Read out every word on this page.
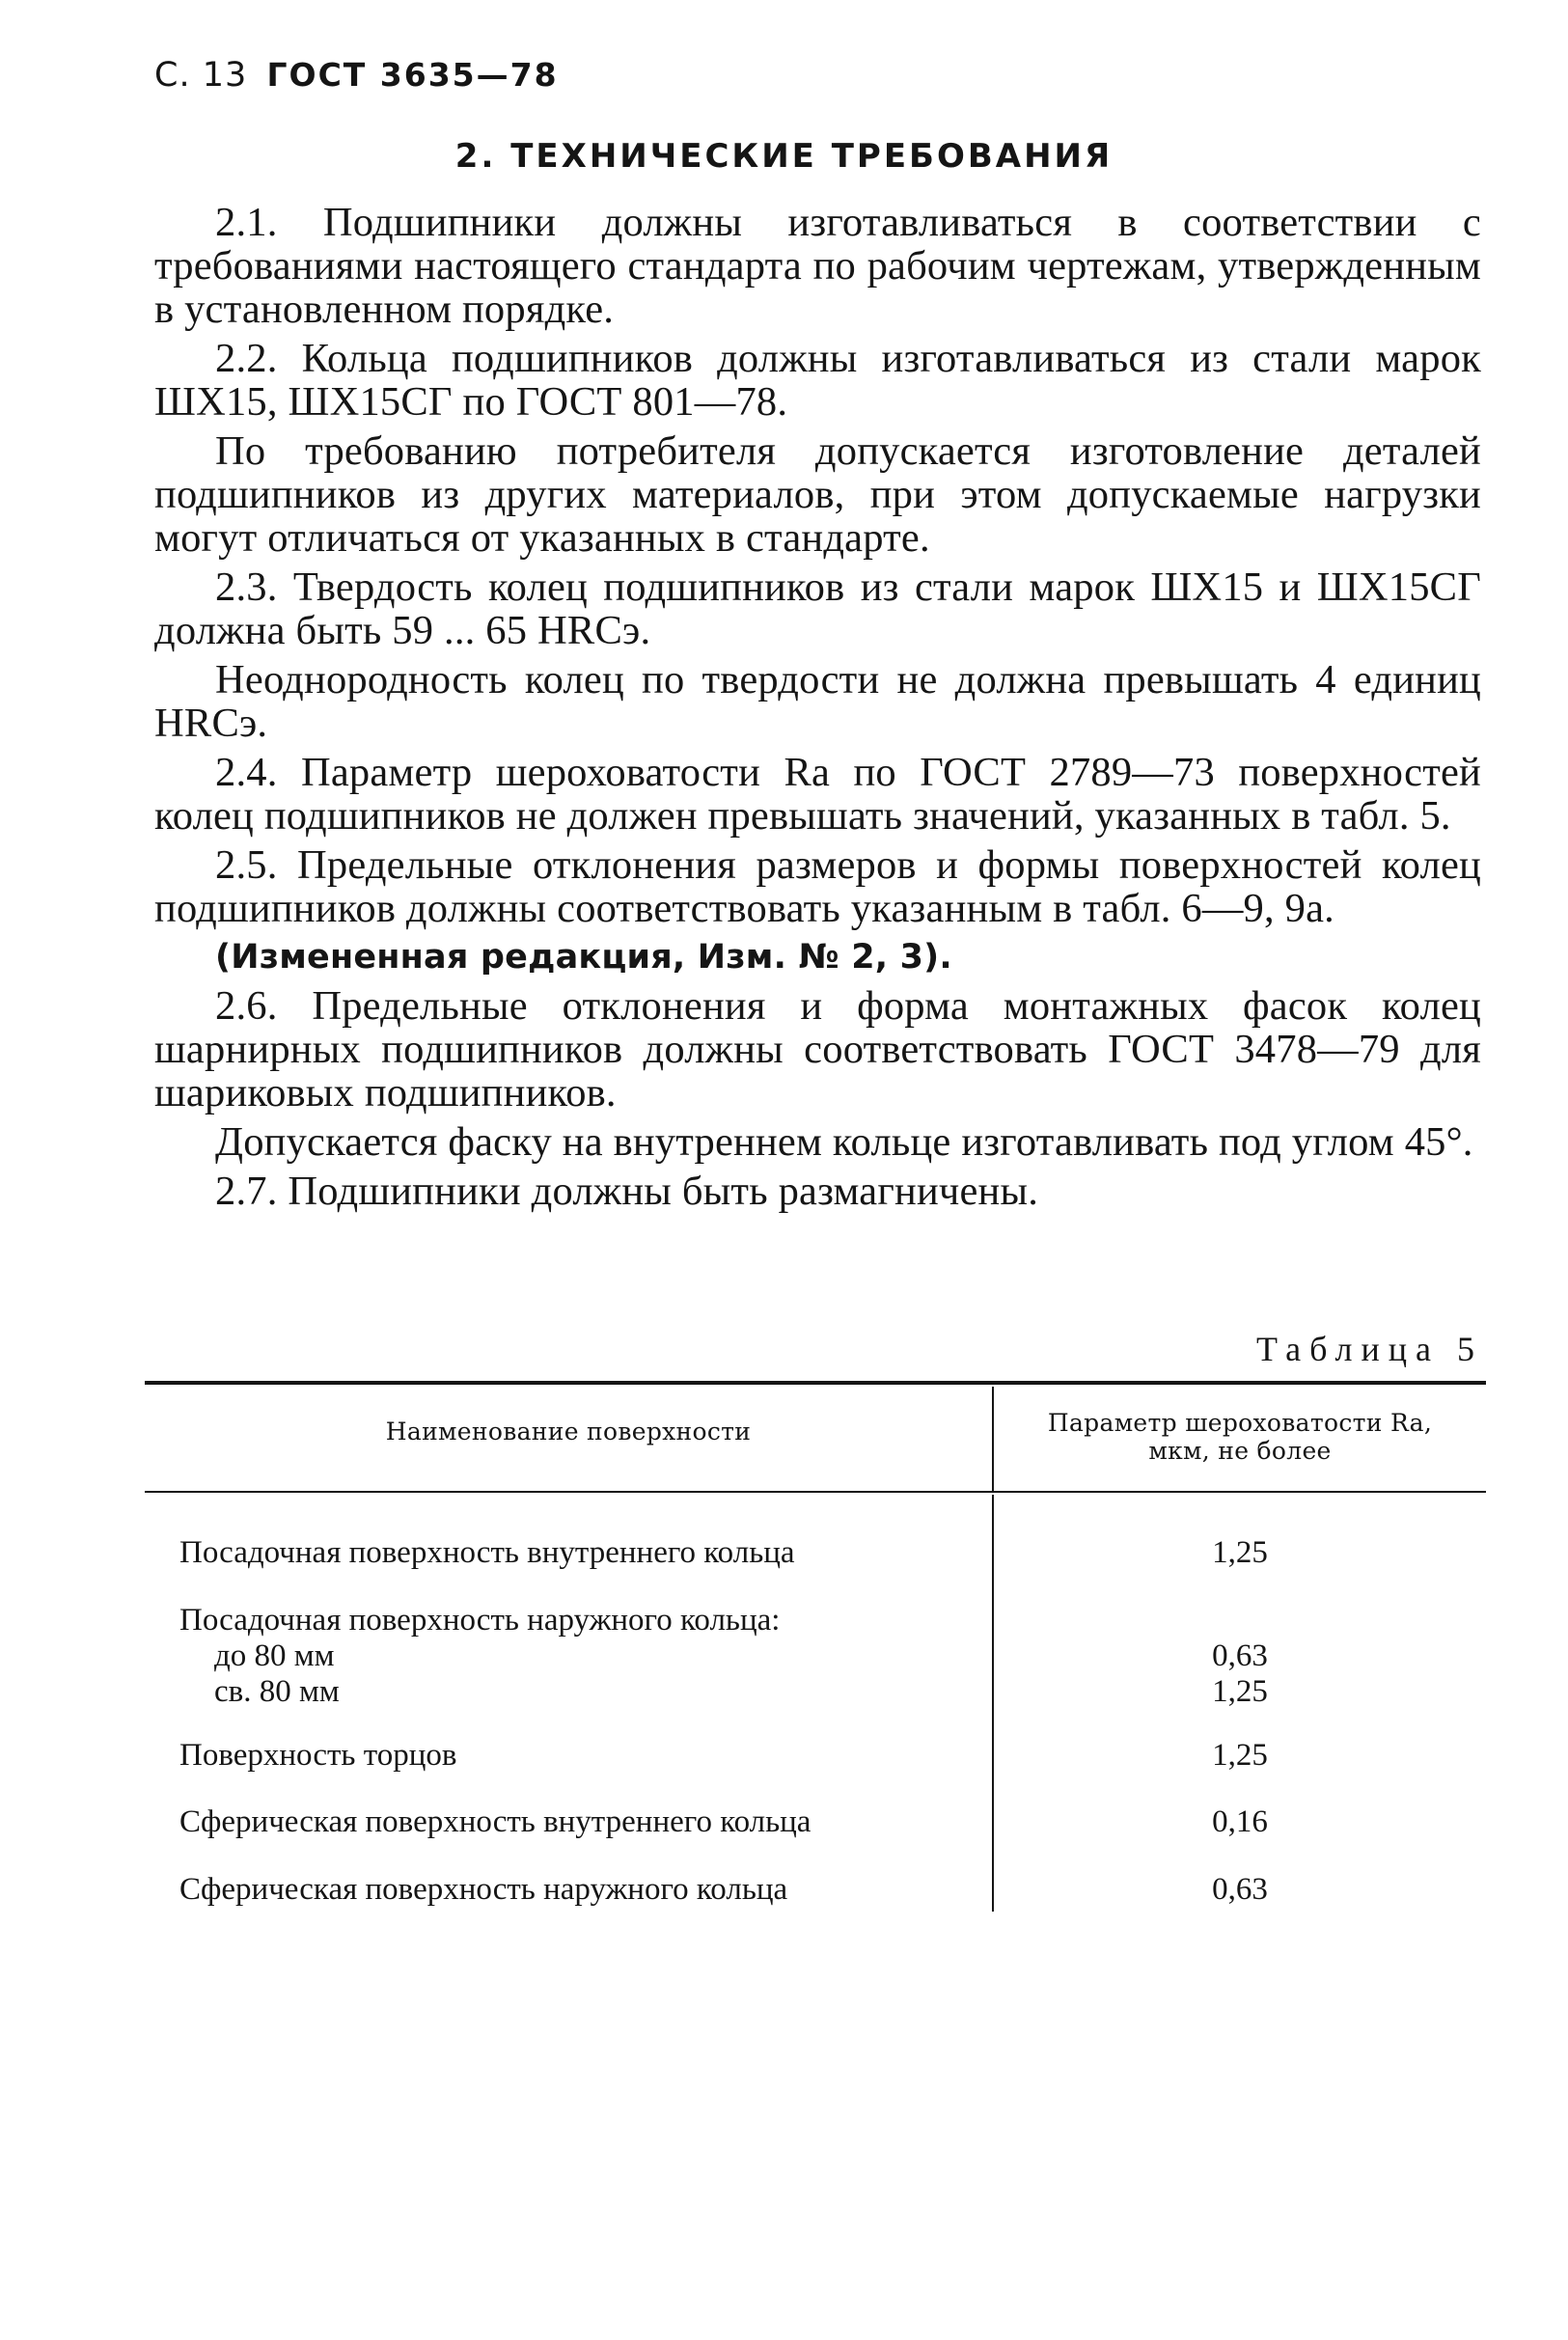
С. 13 ГОСТ 3635—78
2. ТЕХНИЧЕСКИЕ ТРЕБОВАНИЯ

2.1. Подшипники должны изготавливаться в соответствии с требованиями настоящего стандарта по рабочим чертежам, утвержденным в установленном порядке.

2.2. Кольца подшипников должны изготавливаться из стали марок ШХ15, ШХ15СГ по ГОСТ 801—78.

По требованию потребителя допускается изготовление деталей подшипников из других материалов, при этом допускаемые нагрузки могут отличаться от указанных в стандарте.

2.3. Твердость колец подшипников из стали марок ШХ15 и ШХ15СГ должна быть 59 ... 65 HRCэ.

Неоднородность колец по твердости не должна превышать 4 единиц HRCэ.

2.4. Параметр шероховатости Ra по ГОСТ 2789—73 поверхностей колец подшипников не должен превышать значений, указанных в табл. 5.

2.5. Предельные отклонения размеров и формы поверхностей колец подшипников должны соответствовать указанным в табл. 6—9, 9а.

(Измененная редакция, Изм. № 2, 3).

2.6. Предельные отклонения и форма монтажных фасок колец шарнирных подшипников должны соответствовать ГОСТ 3478—79 для шариковых подшипников.

Допускается фаску на внутреннем кольце изготавливать под углом 45°.

2.7. Подшипники должны быть размагничены.

Таблица 5
Наименование поверхности	Параметр шероховатости Ra,
мкм, не более
Посадочная поверхность внутреннего кольца	1,25
Посадочная поверхность наружного кольца:
до 80 мм	0,63
св. 80 мм	1,25
Поверхность торцов	1,25
Сферическая поверхность внутреннего кольца	0,16
Сферическая поверхность наружного кольца	0,63
